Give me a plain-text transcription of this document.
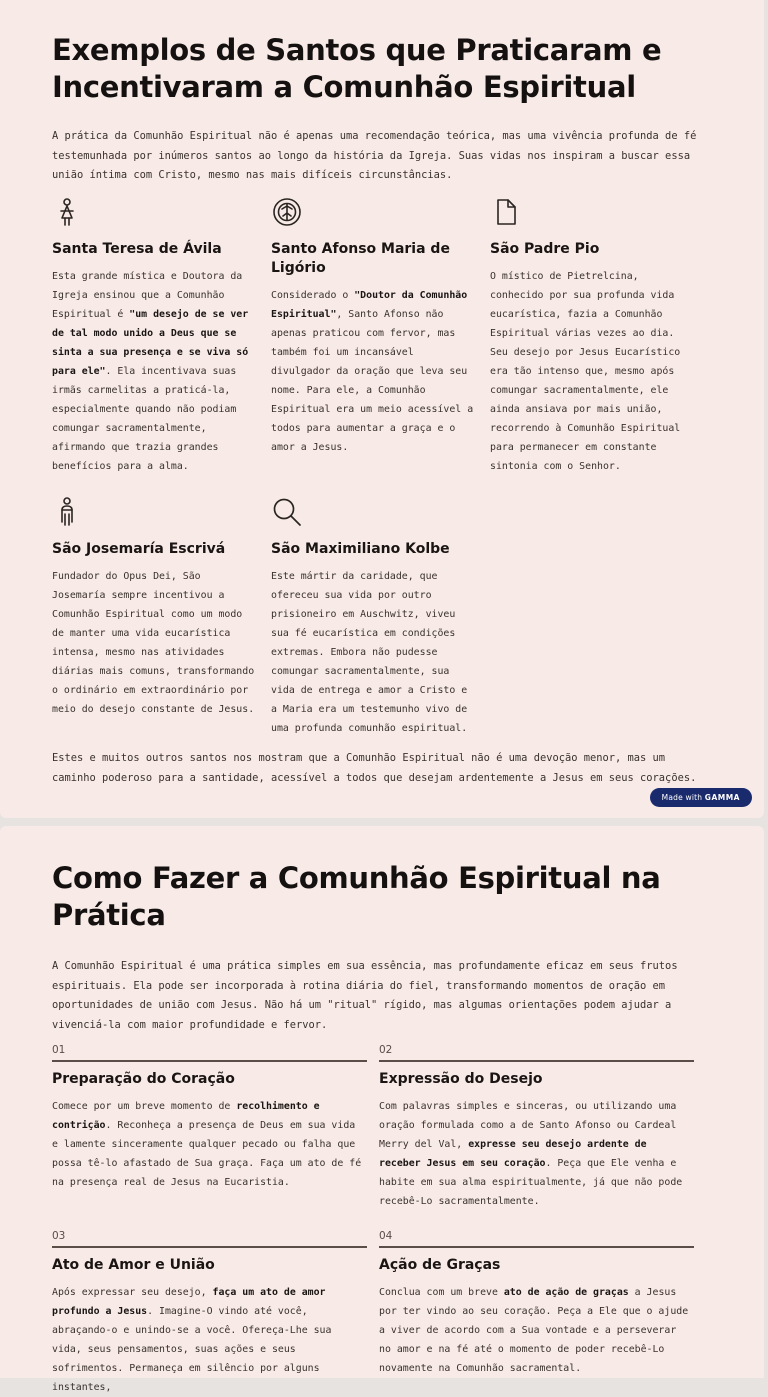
Exemplos de Santos que Praticaram e Incentivaram a Comunhão Espiritual

A prática da Comunhão Espiritual não é apenas uma recomendação teórica, mas uma vivência profunda de fé testemunhada por inúmeros santos ao longo da história da Igreja. Suas vidas nos inspiram a buscar essa união íntima com Cristo, mesmo nas mais difíceis circunstâncias.

Santa Teresa de Ávila

Esta grande mística e Doutora da Igreja ensinou que a Comunhão Espiritual é "um desejo de se ver de tal modo unido a Deus que se sinta a sua presença e se viva só para ele". Ela incentivava suas irmãs carmelitas a praticá-la, especialmente quando não podiam comungar sacramentalmente, afirmando que trazia grandes benefícios para a alma.

Santo Afonso Maria de Ligório

Considerado o "Doutor da Comunhão Espiritual", Santo Afonso não apenas praticou com fervor, mas também foi um incansável divulgador da oração que leva seu nome. Para ele, a Comunhão Espiritual era um meio acessível a todos para aumentar a graça e o amor a Jesus.

São Padre Pio

O místico de Pietrelcina, conhecido por sua profunda vida eucarística, fazia a Comunhão Espiritual várias vezes ao dia. Seu desejo por Jesus Eucarístico era tão intenso que, mesmo após comungar sacramentalmente, ele ainda ansiava por mais união, recorrendo à Comunhão Espiritual para permanecer em constante sintonia com o Senhor.

São Josemaría Escrivá

Fundador do Opus Dei, São Josemaría sempre incentivou a Comunhão Espiritual como um modo de manter uma vida eucarística intensa, mesmo nas atividades diárias mais comuns, transformando o ordinário em extraordinário por meio do desejo constante de Jesus.

São Maximiliano Kolbe

Este mártir da caridade, que ofereceu sua vida por outro prisioneiro em Auschwitz, viveu sua fé eucarística em condições extremas. Embora não pudesse comungar sacramentalmente, sua vida de entrega e amor a Cristo e a Maria era um testemunho vivo de uma profunda comunhão espiritual.

Estes e muitos outros santos nos mostram que a Comunhão Espiritual não é uma devoção menor, mas um caminho poderoso para a santidade, acessível a todos que desejam ardentemente a Jesus em seus corações.

Made with GAMMA
Como Fazer a Comunhão Espiritual na Prática

A Comunhão Espiritual é uma prática simples em sua essência, mas profundamente eficaz em seus frutos espirituais. Ela pode ser incorporada à rotina diária do fiel, transformando momentos de oração em oportunidades de união com Jesus. Não há um "ritual" rígido, mas algumas orientações podem ajudar a vivenciá-la com maior profundidade e fervor.

01
Preparação do Coração

Comece por um breve momento de recolhimento e contrição. Reconheça a presença de Deus em sua vida e lamente sinceramente qualquer pecado ou falha que possa tê-lo afastado de Sua graça. Faça um ato de fé na presença real de Jesus na Eucaristia.

02
Expressão do Desejo

Com palavras simples e sinceras, ou utilizando uma oração formulada como a de Santo Afonso ou Cardeal Merry del Val, expresse seu desejo ardente de receber Jesus em seu coração. Peça que Ele venha e habite em sua alma espiritualmente, já que não pode recebê-Lo sacramentalmente.

03
Ato de Amor e União

Após expressar seu desejo, faça um ato de amor profundo a Jesus. Imagine-O vindo até você, abraçando-o e unindo-se a você. Ofereça-Lhe sua vida, seus pensamentos, suas ações e seus sofrimentos. Permaneça em silêncio por alguns instantes,

04
Ação de Graças

Conclua com um breve ato de ação de graças a Jesus por ter vindo ao seu coração. Peça a Ele que o ajude a viver de acordo com a Sua vontade e a perseverar no amor e na fé até o momento de poder recebê-Lo novamente na Comunhão sacramental.
